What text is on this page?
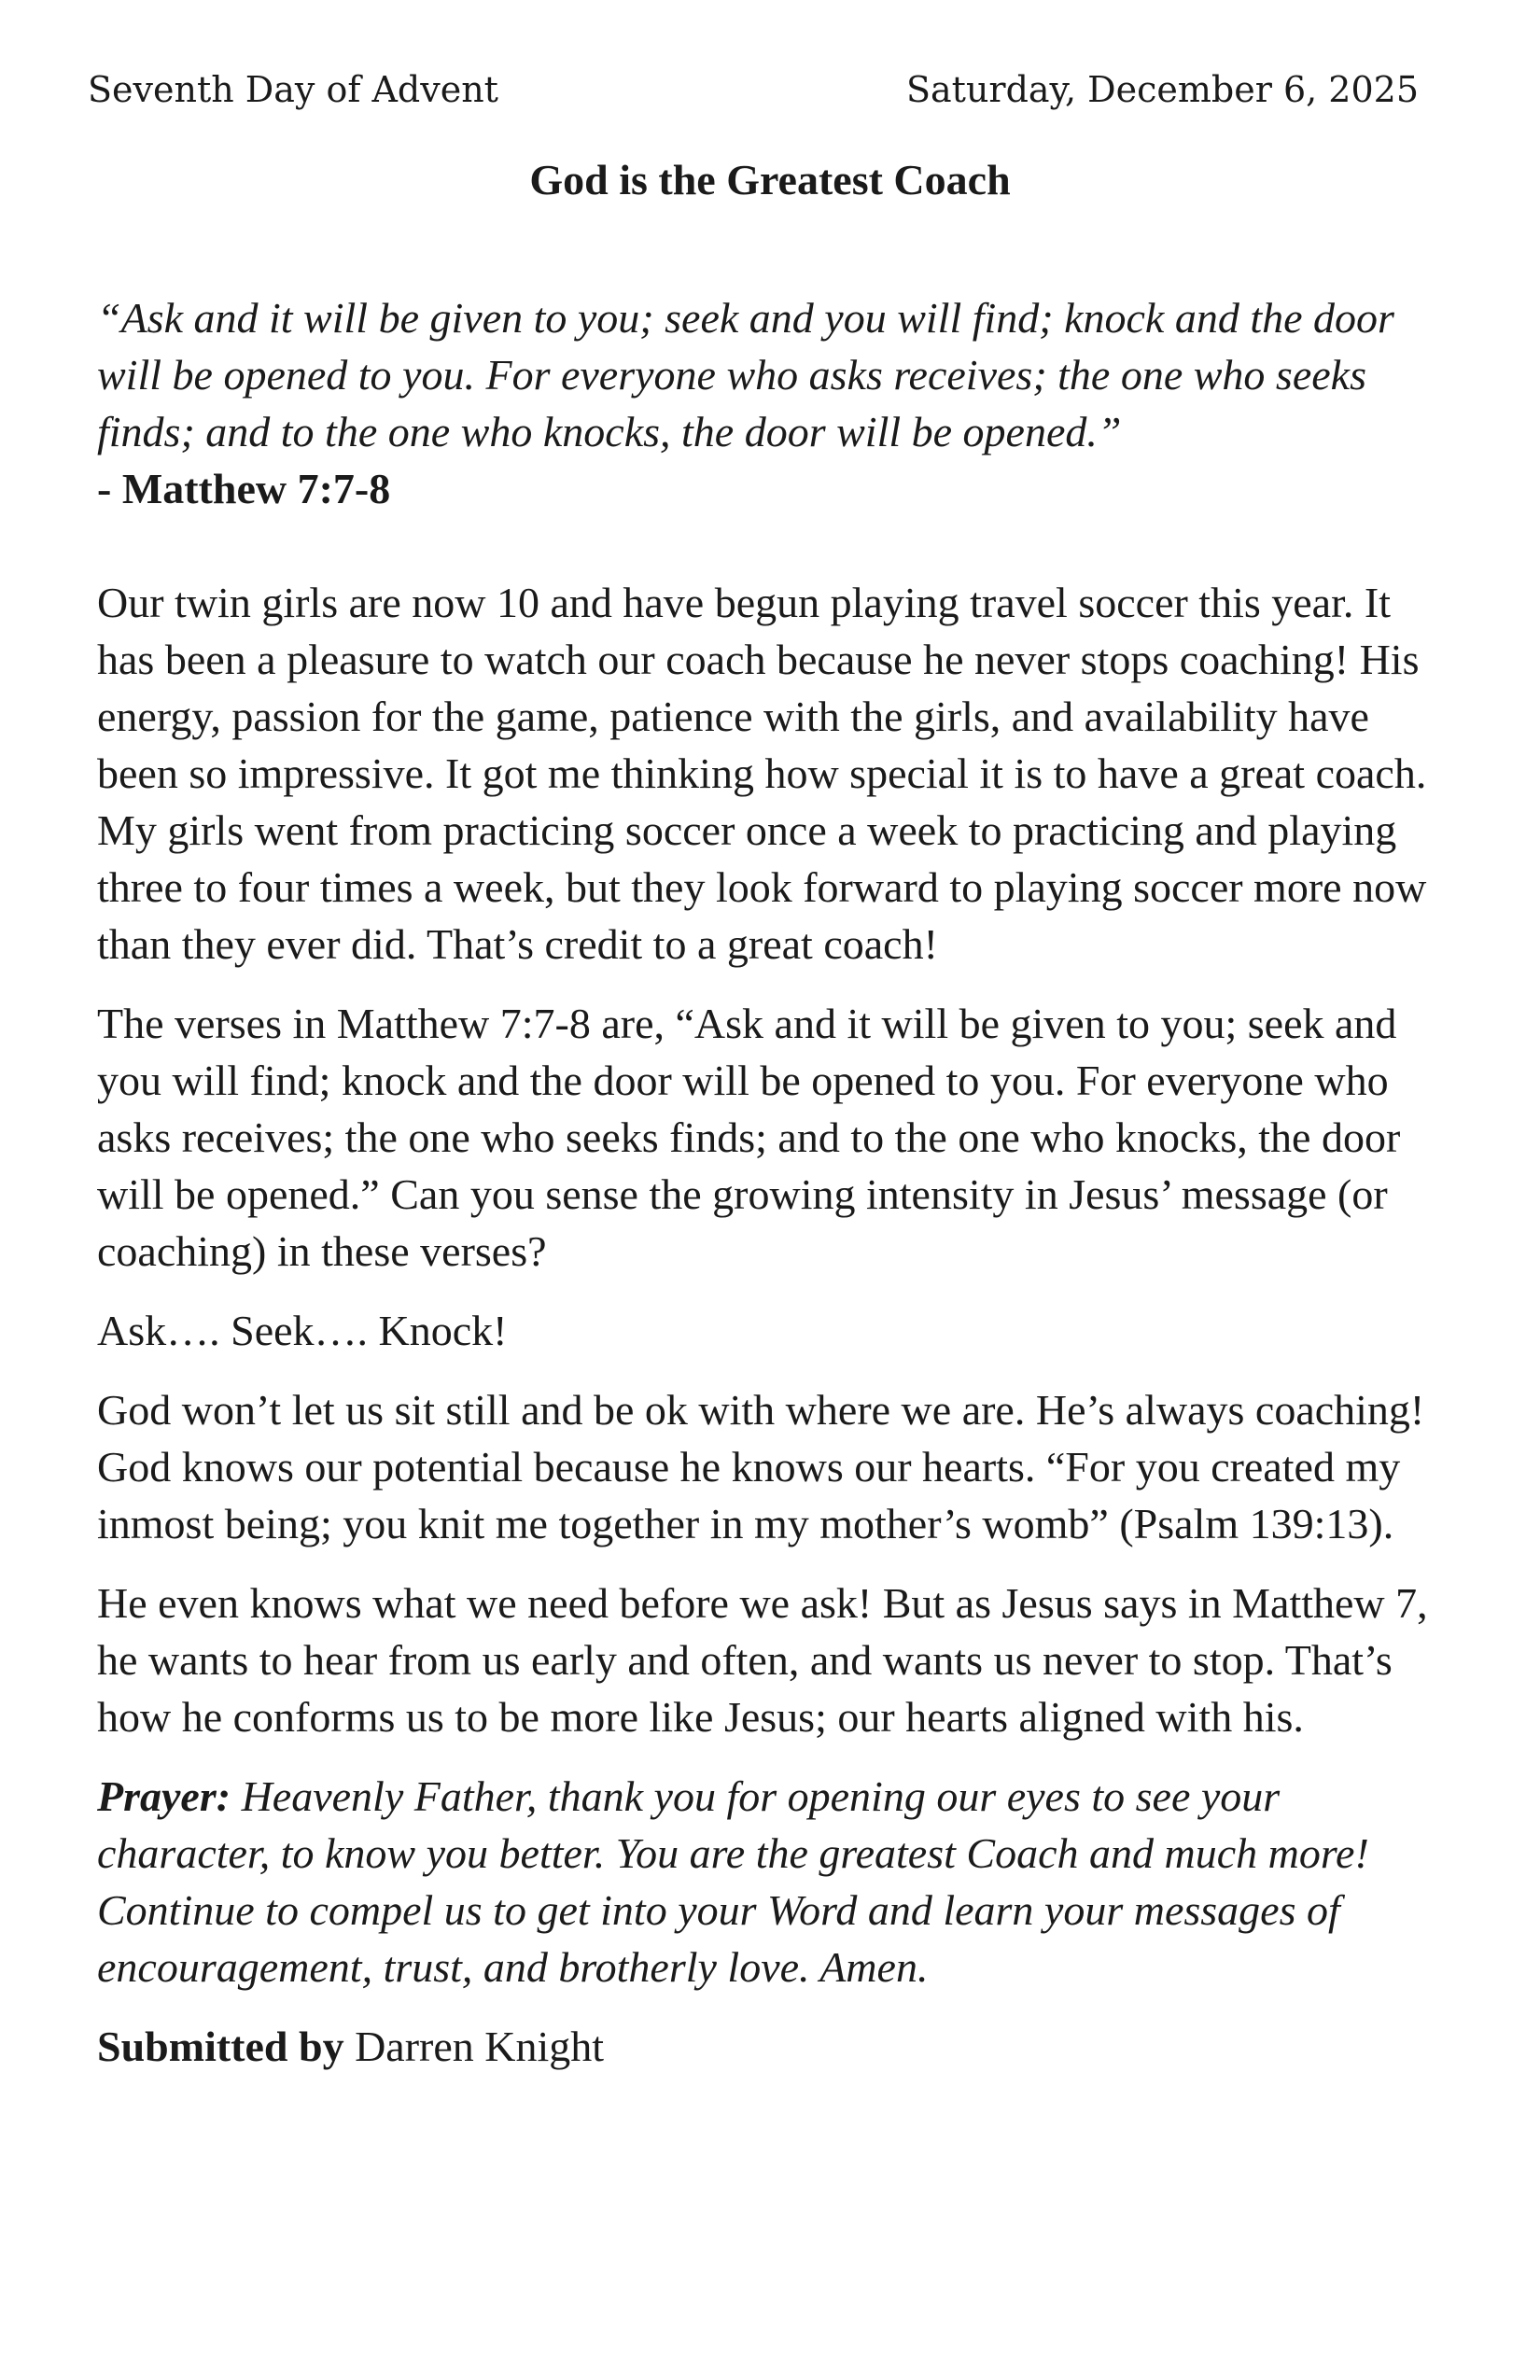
Seventh Day of Advent	Saturday, December 6, 2025
God is the Greatest Coach

“Ask and it will be given to you; seek and you will find; knock and the door will be opened to you. For everyone who asks receives; the one who seeks finds; and to the one who knocks, the door will be opened.”

- Matthew 7:7-8

Our twin girls are now 10 and have begun playing travel soccer this year. It has been a pleasure to watch our coach because he never stops coaching! His energy, passion for the game, patience with the girls, and availability have been so impressive. It got me thinking how special it is to have a great coach. My girls went from practicing soccer once a week to practicing and playing three to four times a week, but they look forward to playing soccer more now than they ever did. That’s credit to a great coach!

The verses in Matthew 7:7-8 are, “Ask and it will be given to you; seek and you will find; knock and the door will be opened to you. For everyone who asks receives; the one who seeks finds; and to the one who knocks, the door will be opened.” Can you sense the growing intensity in Jesus’ message (or coaching) in these verses?

Ask…. Seek…. Knock!

God won’t let us sit still and be ok with where we are. He’s always coaching! God knows our potential because he knows our hearts. “For you created my inmost being; you knit me together in my mother’s womb” (Psalm 139:13).

He even knows what we need before we ask! But as Jesus says in Matthew 7, he wants to hear from us early and often, and wants us never to stop. That’s how he conforms us to be more like Jesus; our hearts aligned with his.

Prayer: Heavenly Father, thank you for opening our eyes to see your character, to know you better. You are the greatest Coach and much more! Continue to compel us to get into your Word and learn your messages of encouragement, trust, and brotherly love. Amen.

Submitted by Darren Knight
